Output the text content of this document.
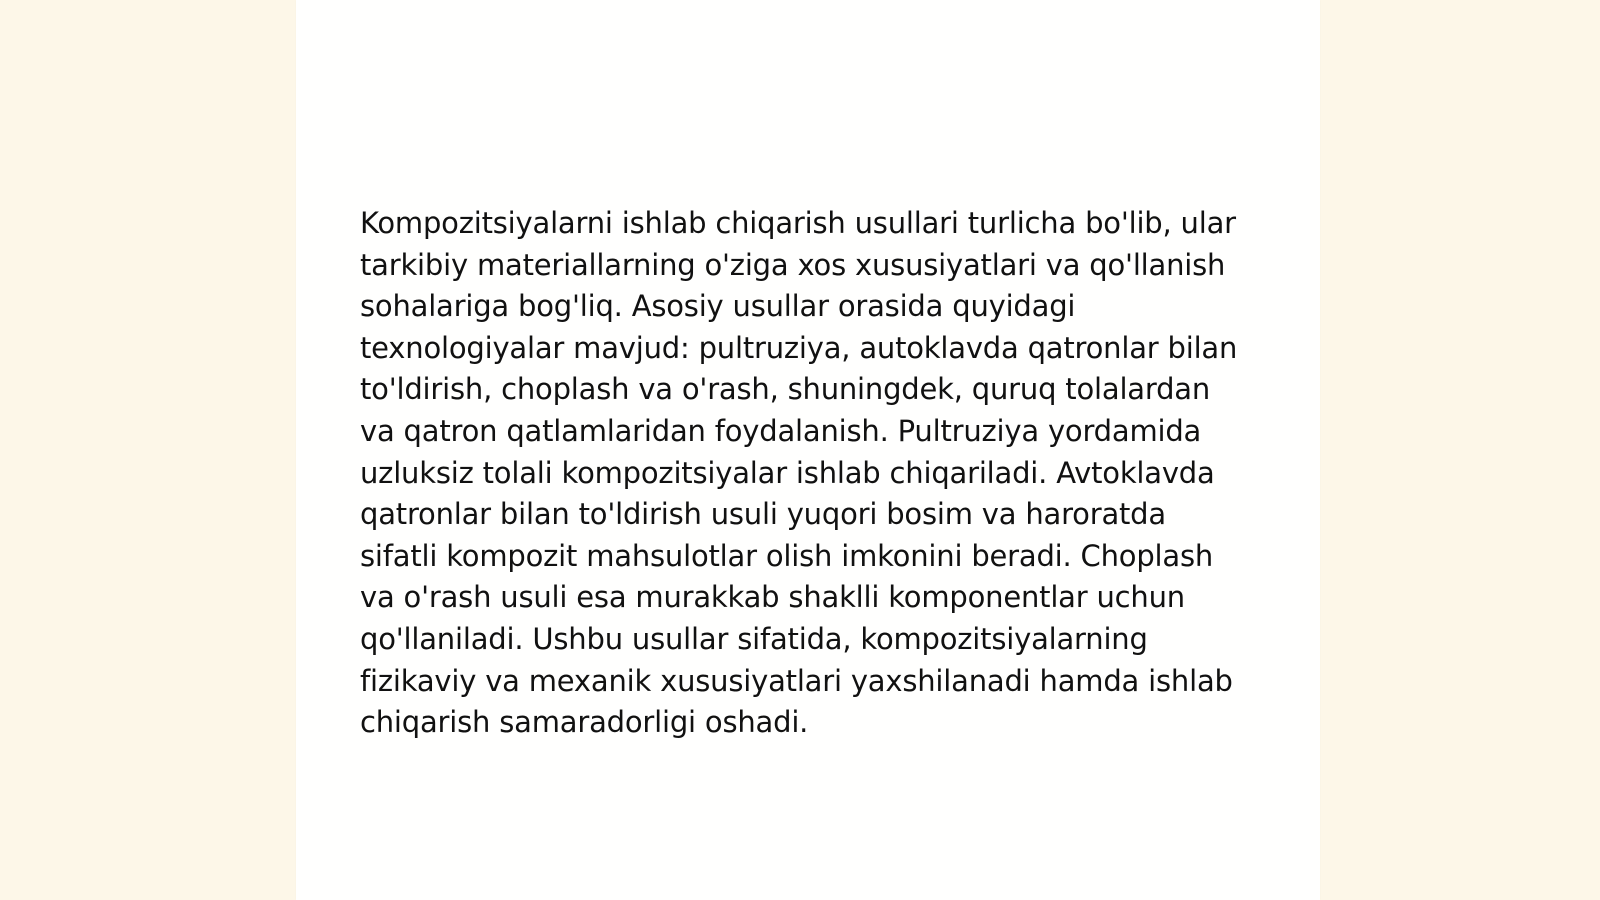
Kompozitsiyalarni ishlab chiqarish usullari turlicha bo'lib, ular tarkibiy materiallarning o'ziga xos xususiyatlari va qo'llanish sohalariga bog'liq. Asosiy usullar orasida quyidagi texnologiyalar mavjud: pultruziya, autoklavda qatronlar bilan to'ldirish, choplash va o'rash, shuningdek, quruq tolalardan va qatron qatlamlaridan foydalanish. Pultruziya yordamida uzluksiz tolali kompozitsiyalar ishlab chiqariladi. Avtoklavda qatronlar bilan to'ldirish usuli yuqori bosim va haroratda sifatli kompozit mahsulotlar olish imkonini beradi. Choplash va o'rash usuli esa murakkab shaklli komponentlar uchun qo'llaniladi. Ushbu usullar sifatida, kompozitsiyalarning fizikaviy va mexanik xususiyatlari yaxshilanadi hamda ishlab chiqarish samaradorligi oshadi.
